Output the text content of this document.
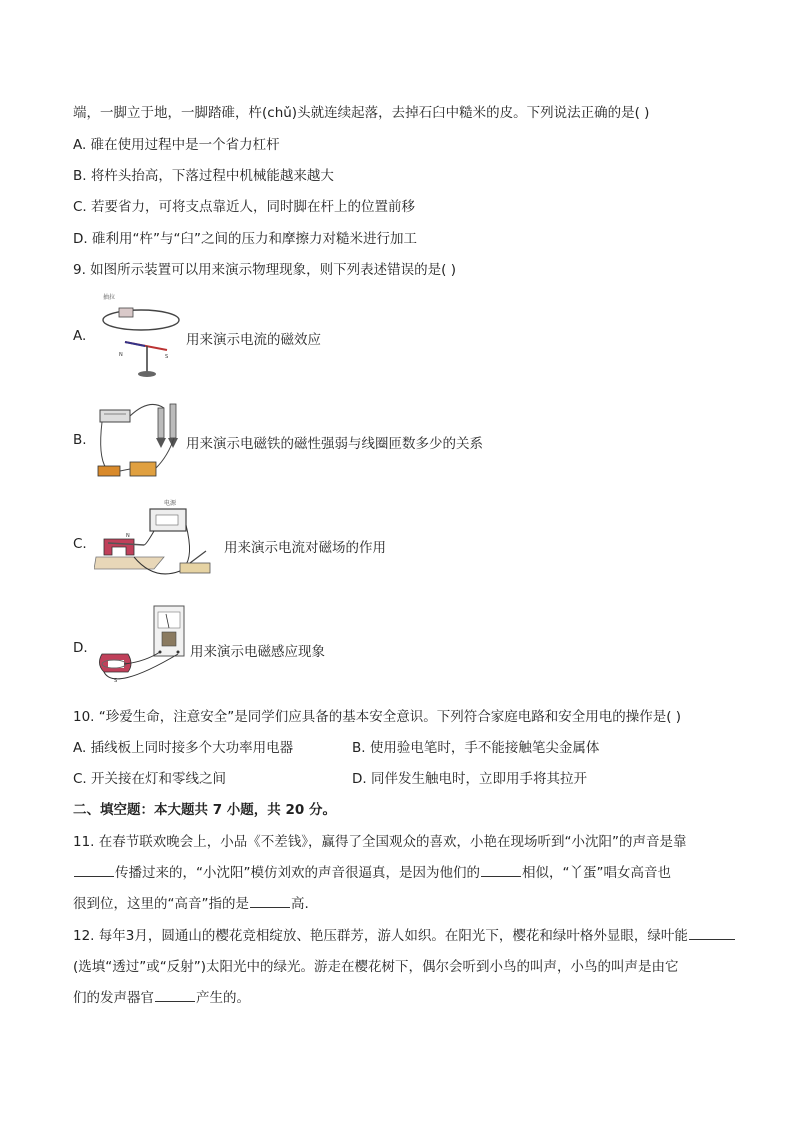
端，一脚立于地，一脚踏碓，杵(chǔ)头就连续起落，去掉石臼中糙米的皮。下列说法正确的是( )
A. 碓在使用过程中是一个省力杠杆
B. 将杵头抬高，下落过程中机械能越来越大
C. 若要省力，可将支点靠近人，同时脚在杆上的位置前移
D. 碓利用“杵”与“臼”之间的压力和摩擦力对糙米进行加工
9. 如图所示装置可以用来演示物理现象，则下列表述错误的是( )
A.
抽拉
N	S
用来演示电流的磁效应
B.	用来演示电磁铁的磁性强弱与线圈匝数多少的关系
C.
电源
N
用来演示电流对磁场的作用
D.
S
用来演示电磁感应现象
10. “珍爱生命，注意安全”是同学们应具备的基本安全意识。下列符合家庭电路和安全用电的操作是( )
A. 插线板上同时接多个大功率用电器	B. 使用验电笔时，手不能接触笔尖金属体
C. 开关接在灯和零线之间	D. 同伴发生触电时，立即用手将其拉开
二、填空题：本大题共 7 小题，共 20 分。
11. 在春节联欢晚会上，小品《不差钱》，赢得了全国观众的喜欢，小艳在现场听到“小沈阳”的声音是靠
传播过来的，“小沈阳”模仿刘欢的声音很逼真，是因为他们的	相似，“丫蛋”唱女高音也
很到位，这里的“高音”指的是	高.
12. 每年3月，圆通山的樱花竞相绽放、艳压群芳，游人如织。在阳光下，樱花和绿叶格外显眼，绿叶能
(选填“透过”或“反射”)太阳光中的绿光。游走在樱花树下，偶尔会听到小鸟的叫声，小鸟的叫声是由它
们的发声器官	产生的。
